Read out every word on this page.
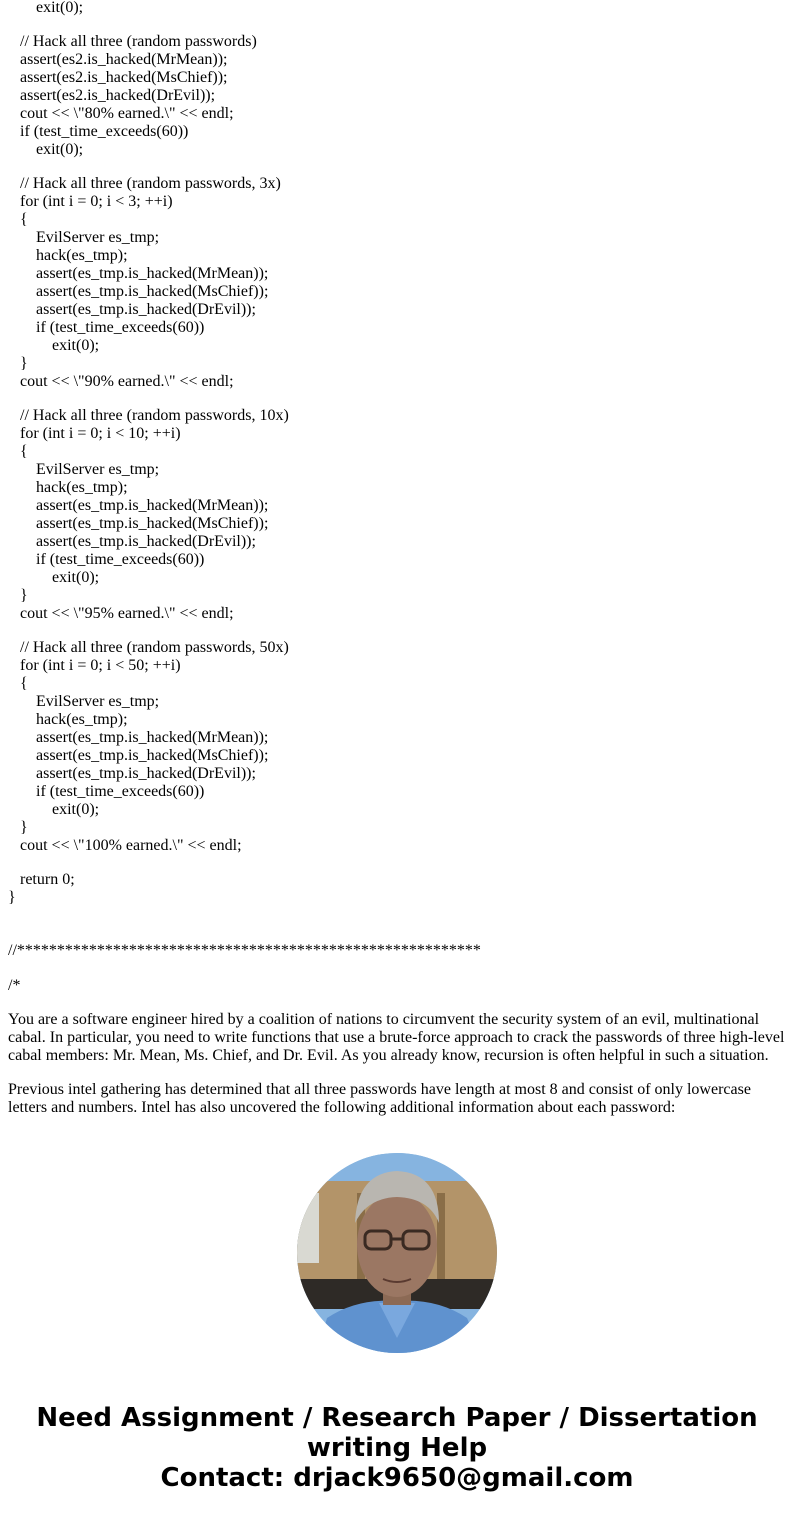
exit(0);
// Hack all three (random passwords)
assert(es2.is_hacked(MrMean));
assert(es2.is_hacked(MsChief));
assert(es2.is_hacked(DrEvil));
cout << \"80% earned.\" << endl;
if (test_time_exceeds(60))
exit(0);
// Hack all three (random passwords, 3x)
for (int i = 0; i < 3; ++i)
{
EvilServer es_tmp;
hack(es_tmp);
assert(es_tmp.is_hacked(MrMean));
assert(es_tmp.is_hacked(MsChief));
assert(es_tmp.is_hacked(DrEvil));
if (test_time_exceeds(60))
exit(0);
}
cout << \"90% earned.\" << endl;
// Hack all three (random passwords, 10x)
for (int i = 0; i < 10; ++i)
{
EvilServer es_tmp;
hack(es_tmp);
assert(es_tmp.is_hacked(MrMean));
assert(es_tmp.is_hacked(MsChief));
assert(es_tmp.is_hacked(DrEvil));
if (test_time_exceeds(60))
exit(0);
}
cout << \"95% earned.\" << endl;
// Hack all three (random passwords, 50x)
for (int i = 0; i < 50; ++i)
{
EvilServer es_tmp;
hack(es_tmp);
assert(es_tmp.is_hacked(MrMean));
assert(es_tmp.is_hacked(MsChief));
assert(es_tmp.is_hacked(DrEvil));
if (test_time_exceeds(60))
exit(0);
}
cout << \"100% earned.\" << endl;
return 0;
}
//**********************************************************
/*

You are a software engineer hired by a coalition of nations to circumvent the security system of an evil, multinational cabal. In particular, you need to write functions that use a brute-force approach to crack the passwords of three high-level cabal members: Mr. Mean, Ms. Chief, and Dr. Evil. As you already know, recursion is often helpful in such a situation.

Previous intel gathering has determined that all three passwords have length at most 8 and consist of only lowercase letters and numbers. Intel has also uncovered the following additional information about each password:

Need Assignment / Research Paper / Dissertation
writing Help
Contact: drjack9650@gmail.com
